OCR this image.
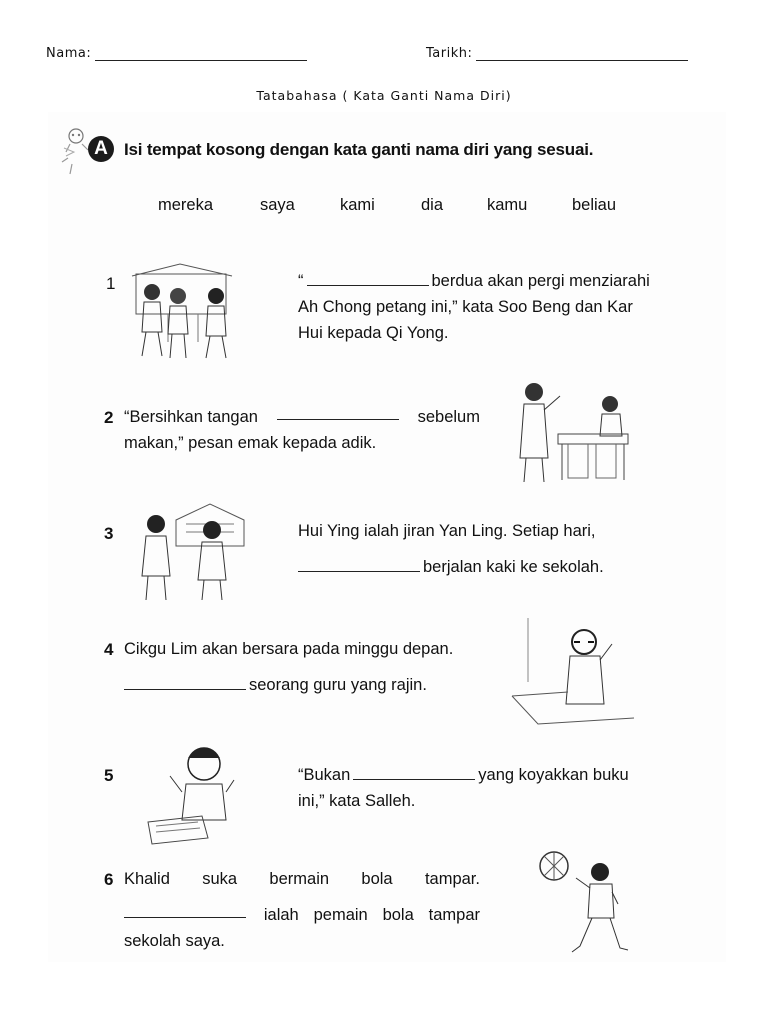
Nama:	Tarikh:
Tatabahasa ( Kata Ganti Nama Diri)
A Isi tempat kosong dengan kata ganti nama diri yang sesuai.
mereka	saya	kami	dia	kamu	beliau
1	“	berdua akan pergi menziarahi
Ah Chong petang ini,” kata Soo Beng dan Kar
Hui kepada Qi Yong.
2 “Bersihkan tangan	sebelum
makan,” pesan emak kepada adik.
3	Hui Ying ialah jiran Yan Ling. Setiap hari,
berjalan kaki ke sekolah.
4 Cikgu Lim akan bersara pada minggu depan.
seorang guru yang rajin.
5	“Bukan	yang koyakkan buku
ini,” kata Salleh.
6 Khalid suka bermain bola tampar.
ialah pemain bola tampar
sekolah saya.
